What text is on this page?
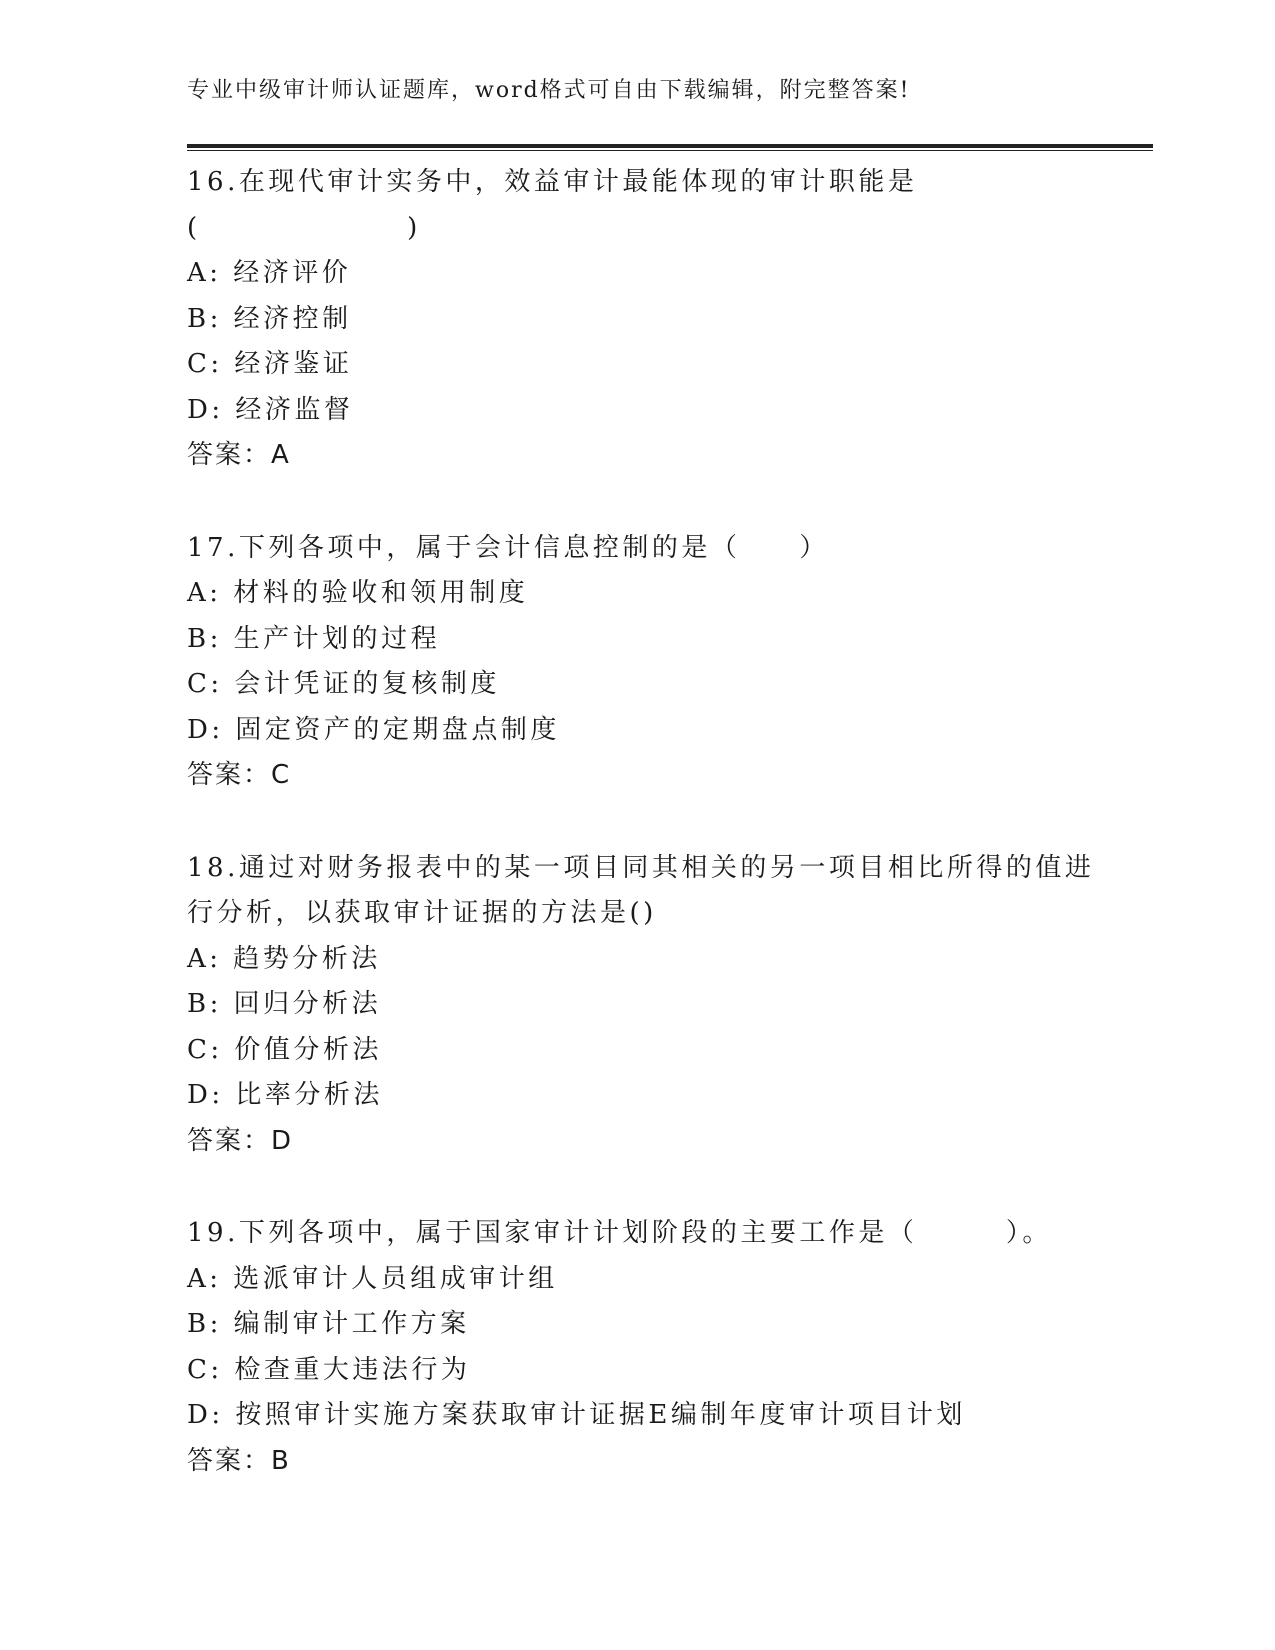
专业中级审计师认证题库，word格式可自由下载编辑，附完整答案!
16.在现代审计实务中，效益审计最能体现的审计职能是
(　　　　　　　)
A: 经济评价
B: 经济控制
C: 经济鉴证
D: 经济监督
答案：A
17.下列各项中，属于会计信息控制的是（　　）
A: 材料的验收和领用制度
B: 生产计划的过程
C: 会计凭证的复核制度
D: 固定资产的定期盘点制度
答案：C
18.通过对财务报表中的某一项目同其相关的另一项目相比所得的值进
行分析，以获取审计证据的方法是()
A: 趋势分析法
B: 回归分析法
C: 价值分析法
D: 比率分析法
答案：D
19.下列各项中，属于国家审计计划阶段的主要工作是（　　　）。
A: 选派审计人员组成审计组
B: 编制审计工作方案
C: 检查重大违法行为
D: 按照审计实施方案获取审计证据E编制年度审计项目计划
答案：B
